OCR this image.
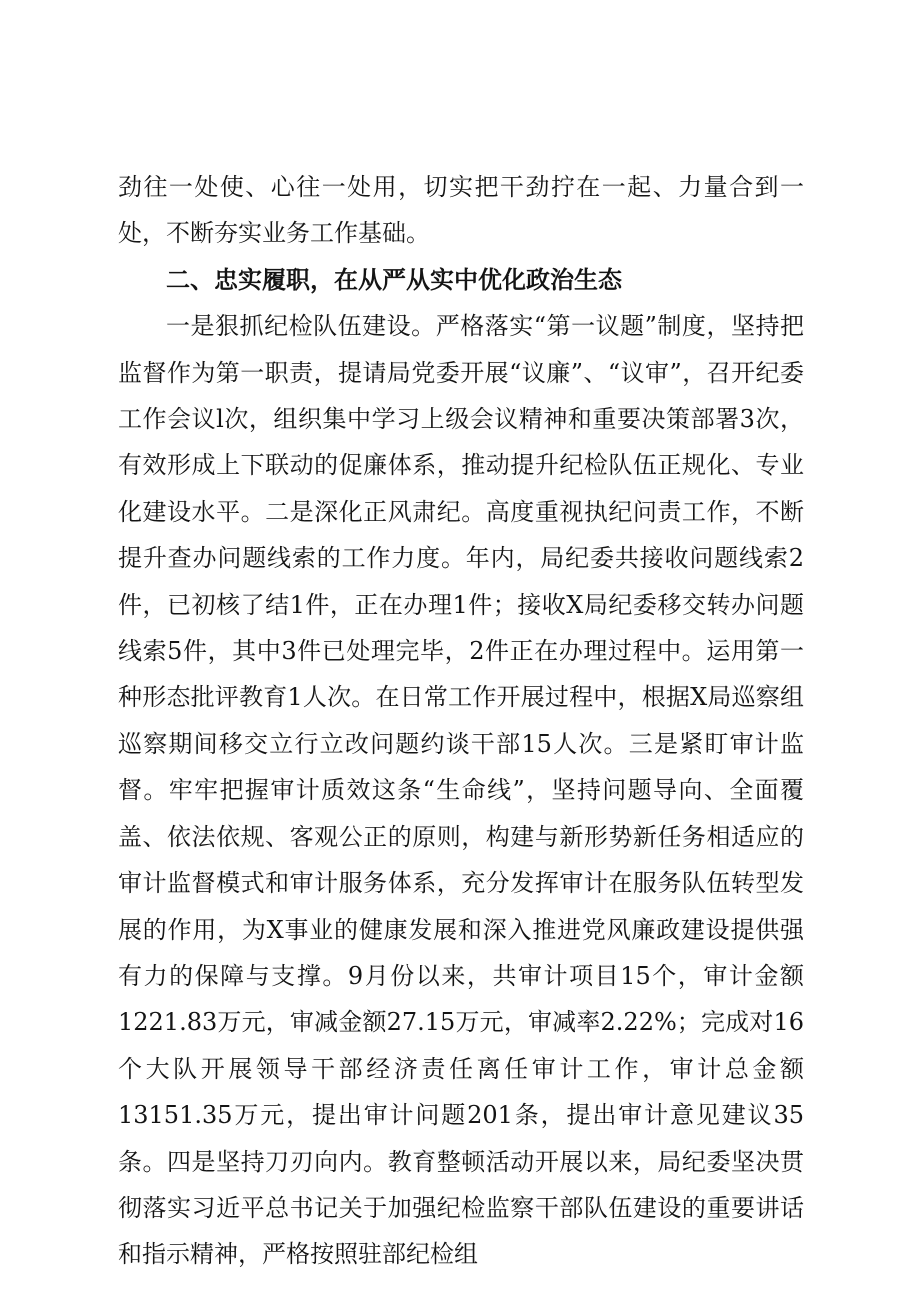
劲往一处使、心往一处用，切实把干劲拧在一起、力量合到一处，不断夯实业务工作基础。

二、忠实履职，在从严从实中优化政治生态

一是狠抓纪检队伍建设。严格落实“第一议题”制度，坚持把监督作为第一职责，提请局党委开展“议廉”、“议审”，召开纪委工作会议l次，组织集中学习上级会议精神和重要决策部署3次，有效形成上下联动的促廉体系，推动提升纪检队伍正规化、专业化建设水平。二是深化正风肃纪。高度重视执纪问责工作，不断提升查办问题线索的工作力度。年内，局纪委共接收问题线索2件，已初核了结1件，正在办理1件；接收X局纪委移交转办问题线索5件，其中3件已处理完毕，2件正在办理过程中。运用第一种形态批评教育1人次。在日常工作开展过程中，根据X局巡察组巡察期间移交立行立改问题约谈干部15人次。三是紧盯审计监督。牢牢把握审计质效这条“生命线”，坚持问题导向、全面覆盖、依法依规、客观公正的原则，构建与新形势新任务相适应的审计监督模式和审计服务体系，充分发挥审计在服务队伍转型发展的作用，为X事业的健康发展和深入推进党风廉政建设提供强有力的保障与支撑。9月份以来，共审计项目15个，审计金额1221.83万元，审减金额27.15万元，审减率2.22%；完成对16个大队开展领导干部经济责任离任审计工作，审计总金额13151.35万元，提出审计问题201条，提出审计意见建议35条。四是坚持刀刃向内。教育整顿活动开展以来，局纪委坚决贯彻落实习近平总书记关于加强纪检监察干部队伍建设的重要讲话和指示精神，严格按照驻部纪检组
